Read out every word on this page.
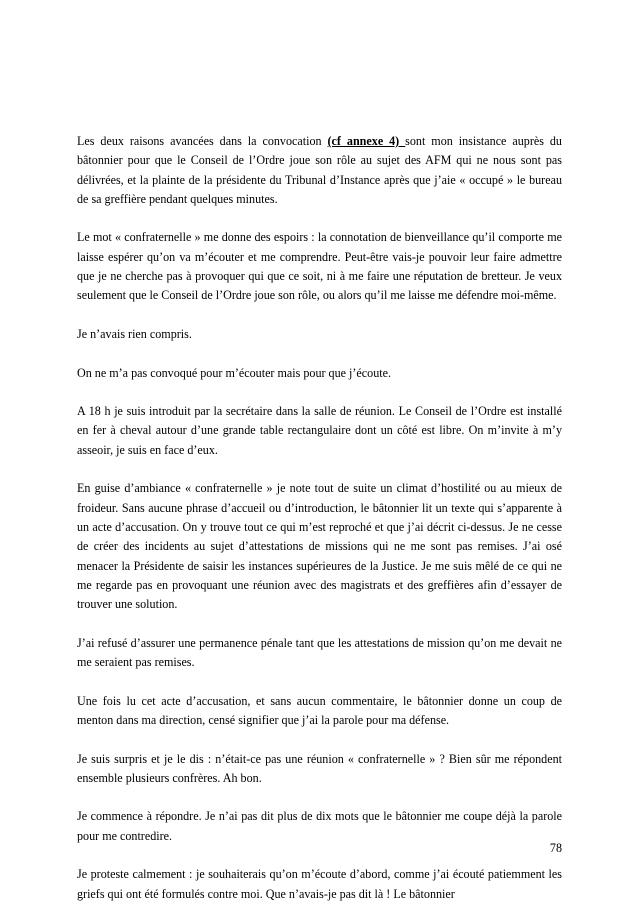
Les deux raisons avancées dans la convocation (cf annexe 4) sont mon insistance auprès du bâtonnier pour que le Conseil de l’Ordre joue son rôle au sujet des AFM qui ne nous sont pas délivrées, et la plainte de la présidente du Tribunal d’Instance après que j’aie « occupé » le bureau de sa greffière pendant quelques minutes.

Le mot « confraternelle » me donne des espoirs : la connotation de bienveillance qu’il comporte me laisse espérer qu’on va m’écouter et me comprendre. Peut-être vais-je pouvoir leur faire admettre que je ne cherche pas à provoquer qui que ce soit, ni à me faire une réputation de bretteur. Je veux seulement que le Conseil de l’Ordre joue son rôle, ou alors qu’il me laisse me défendre moi-même.

Je n’avais rien compris.

On ne m’a pas convoqué pour m’écouter mais pour que j’écoute.

A 18 h je suis introduit par la secrétaire dans la salle de réunion. Le Conseil de l’Ordre est installé en fer à cheval autour d’une grande table rectangulaire dont un côté est libre. On m’invite à m’y asseoir, je suis en face d’eux.

En guise d’ambiance « confraternelle » je note tout de suite un climat d’hostilité ou au mieux de froideur. Sans aucune phrase d’accueil ou d’introduction, le bâtonnier lit un texte qui s’apparente à un acte d’accusation. On y trouve tout ce qui m’est reproché et que j’ai décrit ci-dessus. Je ne cesse de créer des incidents au sujet d’attestations de missions qui ne me sont pas remises. J’ai osé menacer la Présidente de saisir les instances supérieures de la Justice. Je me suis mêlé de ce qui ne me regarde pas en provoquant une réunion avec des magistrats et des greffières afin d’essayer de trouver une solution.

J’ai refusé d’assurer une permanence pénale tant que les attestations de mission qu’on me devait ne me seraient pas remises.

Une fois lu cet acte d’accusation, et sans aucun commentaire, le bâtonnier donne un coup de menton dans ma direction, censé signifier que j’ai la parole pour ma défense.

Je suis surpris et je le dis : n’était-ce pas une réunion « confraternelle » ? Bien sûr me répondent ensemble plusieurs confrères. Ah bon.

Je commence à répondre. Je n’ai pas dit plus de dix mots que le bâtonnier me coupe déjà la parole pour me contredire.

Je proteste calmement : je souhaiterais qu’on m’écoute d’abord, comme j’ai écouté patiemment les griefs qui ont été formulés contre moi. Que n’avais-je pas dit là ! Le bâtonnier

78
